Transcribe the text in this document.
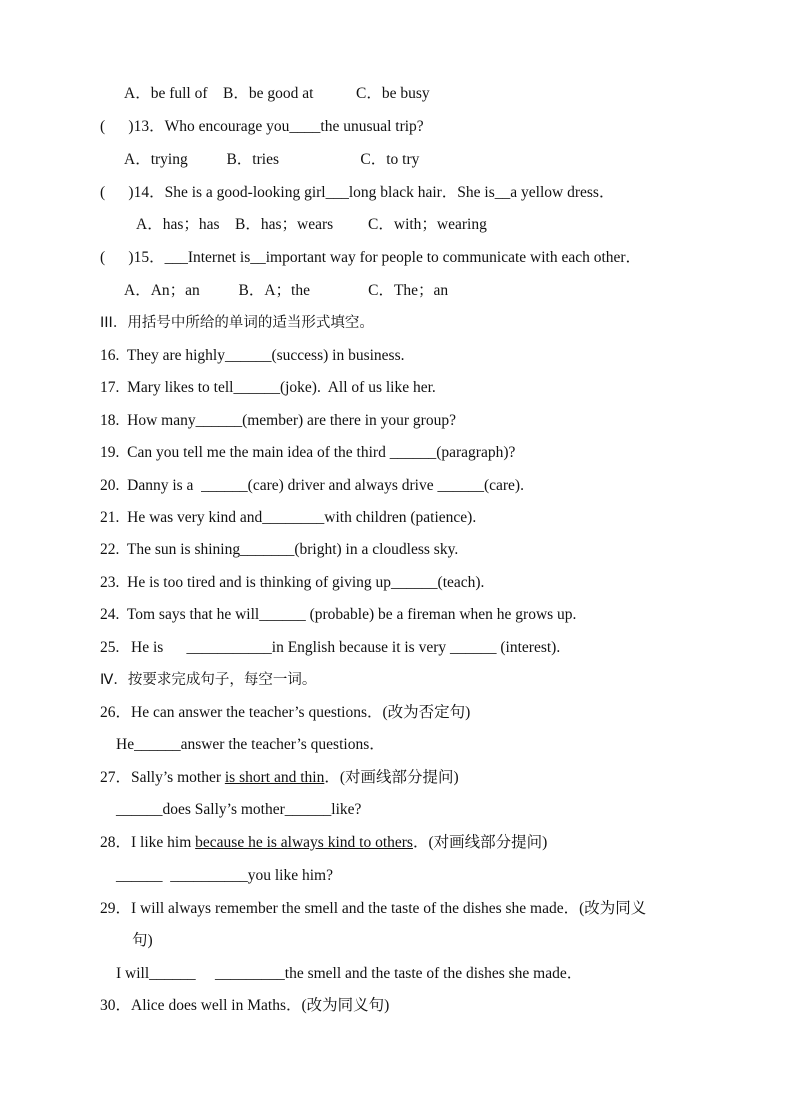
A．be full of    B．be good at           C．be busy
(      )13．Who encourage you____the unusual trip?
A．trying          B．tries                     C．to try
(      )14．She is a good-looking girl___long black hair．She is__a yellow dress．
A．has；has    B．has；wears         C．with；wearing
(      )15．___Internet is__important way for people to communicate with each other．
A．An；an          B．A；the               C．The；an
III．用括号中所给的单词的适当形式填空。
16.  They are highly______(success) in business.
17.  Mary likes to tell______(joke).  All of us like her.
18.  How many______(member) are there in your group?
19.  Can you tell me the main idea of the third ______(paragraph)?
20.  Danny is a  ______(care) driver and always drive ______(care).
21.  He was very kind and________with children (patience).
22.  The sun is shining_______(bright) in a cloudless sky.
23.  He is too tired and is thinking of giving up______(teach).
24.  Tom says that he will______ (probable) be a fireman when he grows up.
25.   He is      ___________in English because it is very ______ (interest).
Ⅳ．按要求完成句子，每空一词。
26．He can answer the teacher’s questions．(改为否定句)
He______answer the teacher’s questions．
27．Sally’s mother is short and thin．(对画线部分提问)
______does Sally’s mother______like?
28．I like him because he is always kind to others．(对画线部分提问)
______  __________you like him?
29．I will always remember the smell and the taste of the dishes she made．(改为同义
句)
I will______     _________the smell and the taste of the dishes she made．
30．Alice does well in Maths．(改为同义句)
